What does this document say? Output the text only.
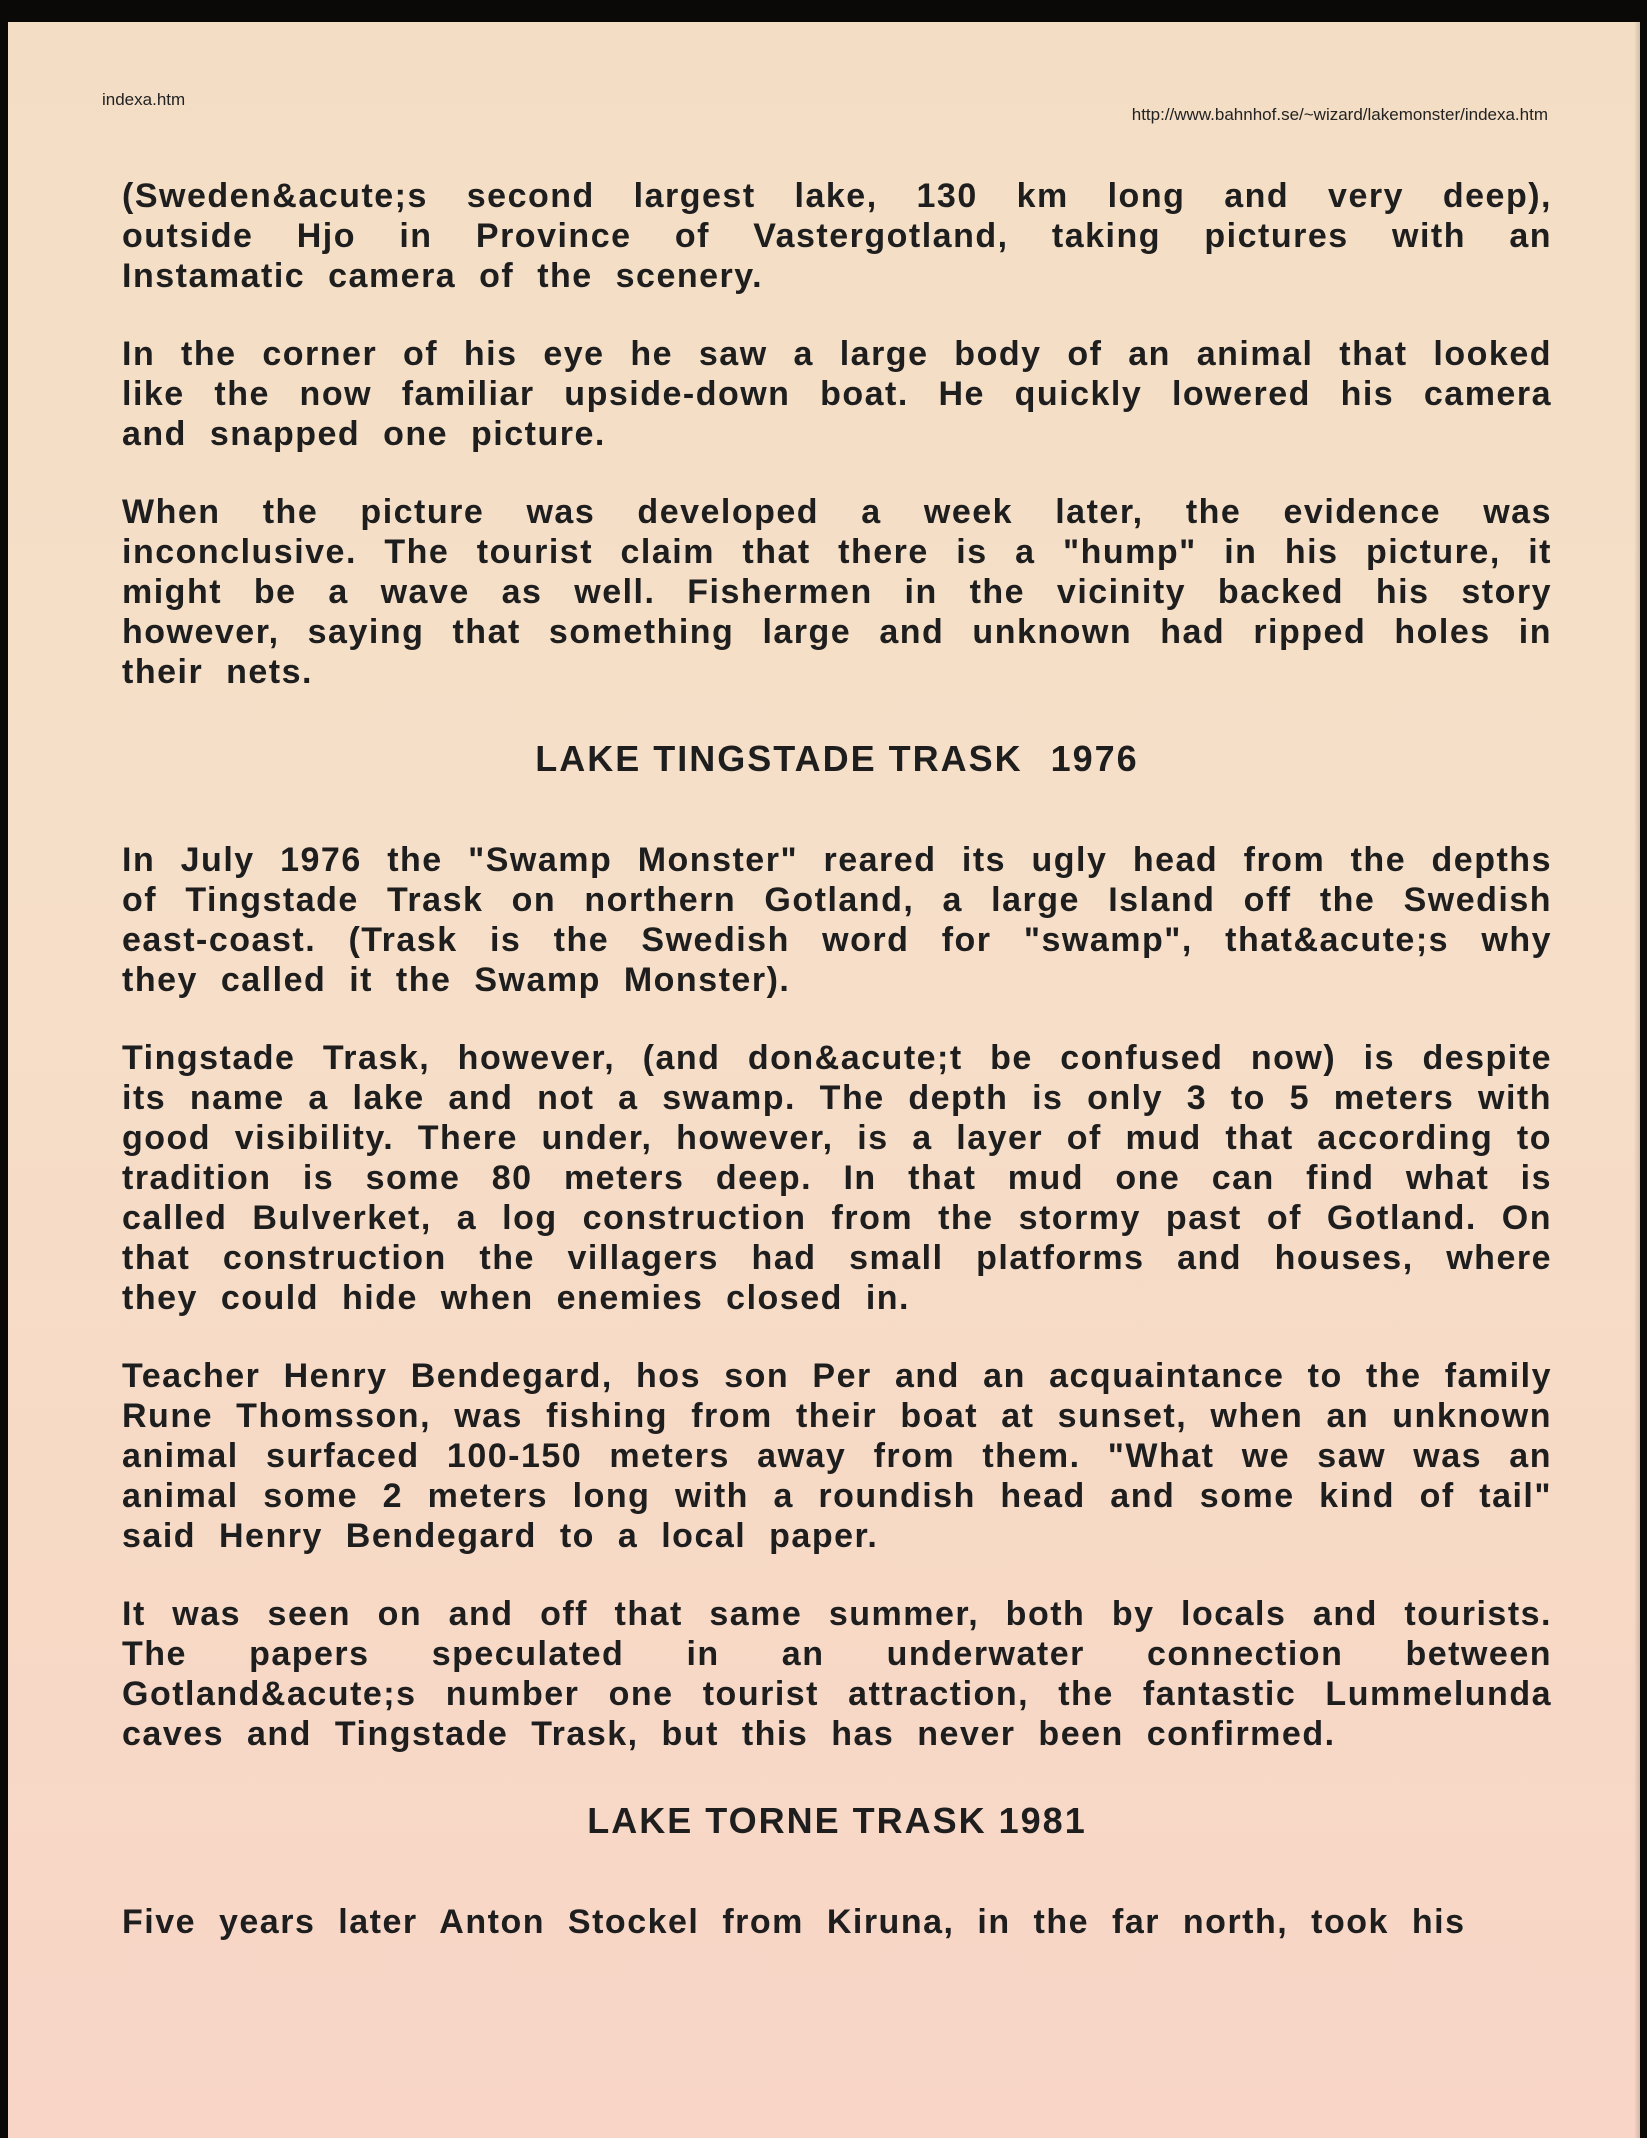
indexa.htm
http://www.bahnhof.se/~wizard/lakemonster/indexa.htm

(Sweden&acute;s second largest lake, 130 km long and very deep), outside Hjo in Province of Vastergotland, taking pictures with an Instamatic camera of the scenery.

In the corner of his eye he saw a large body of an animal that looked like the now familiar upside-down boat. He quickly lowered his camera and snapped one picture.

When the picture was developed a week later, the evidence was inconclusive. The tourist claim that there is a "hump" in his picture, it might be a wave as well. Fishermen in the vicinity backed his story however, saying that something large and unknown had ripped holes in their nets.

LAKE TINGSTADE TRASK 1976

In July 1976 the "Swamp Monster" reared its ugly head from the depths of Tingstade Trask on northern Gotland, a large Island off the Swedish east-coast. (Trask is the Swedish word for "swamp", that&acute;s why they called it the Swamp Monster).

Tingstade Trask, however, (and don&acute;t be confused now) is despite its name a lake and not a swamp. The depth is only 3 to 5 meters with good visibility. There under, however, is a layer of mud that according to tradition is some 80 meters deep. In that mud one can find what is called Bulverket, a log construction from the stormy past of Gotland. On that construction the villagers had small platforms and houses, where they could hide when enemies closed in.

Teacher Henry Bendegard, hos son Per and an acquaintance to the family Rune Thomsson, was fishing from their boat at sunset, when an unknown animal surfaced 100-150 meters away from them. "What we saw was an animal some 2 meters long with a roundish head and some kind of tail" said Henry Bendegard to a local paper.

It was seen on and off that same summer, both by locals and tourists. The papers speculated in an underwater connection between Gotland&acute;s number one tourist attraction, the fantastic Lummelunda caves and Tingstade Trask, but this has never been confirmed.

LAKE TORNE TRASK 1981

Five years later Anton Stockel from Kiruna, in the far north, took his
